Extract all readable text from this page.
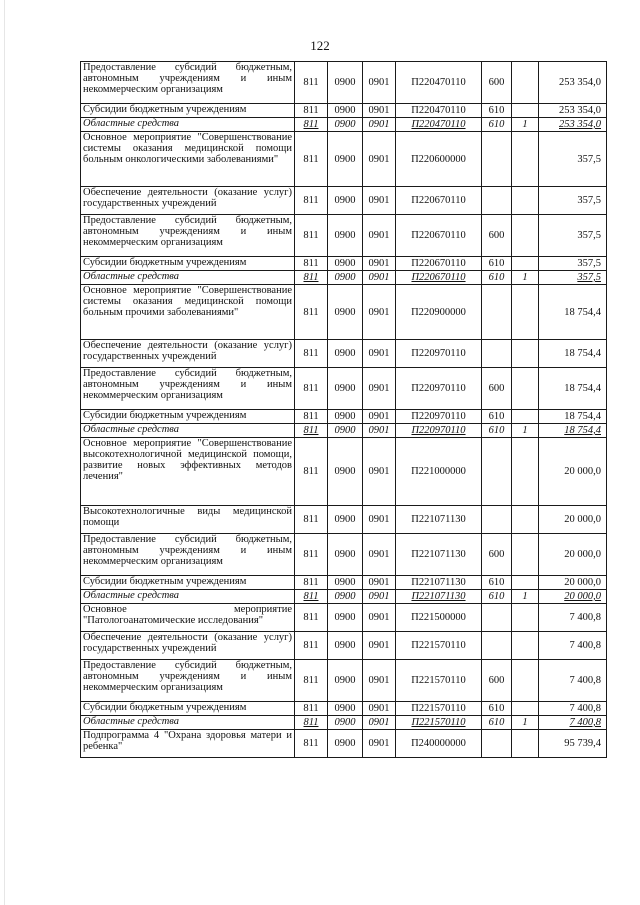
122
Предоставление субсидий бюджетным, автономным учреждениям и иным некоммерческим организациям	811	0900	0901	П220470110	600		253 354,0
Субсидии бюджетным учреждениям	811	0900	0901	П220470110	610		253 354,0
Областные средства	811	0900	0901	П220470110	610	1	253 354,0
Основное мероприятие "Совершенствование системы оказания медицинской помощи больным онкологическими заболеваниями"	811	0900	0901	П220600000			357,5
Обеспечение деятельности (оказание услуг) государственных учреждений	811	0900	0901	П220670110			357,5
Предоставление субсидий бюджетным, автономным учреждениям и иным некоммерческим организациям	811	0900	0901	П220670110	600		357,5
Субсидии бюджетным учреждениям	811	0900	0901	П220670110	610		357,5
Областные средства	811	0900	0901	П220670110	610	1	357,5
Основное мероприятие "Совершенствование системы оказания медицинской помощи больным прочими заболеваниями"	811	0900	0901	П220900000			18 754,4
Обеспечение деятельности (оказание услуг) государственных учреждений	811	0900	0901	П220970110			18 754,4
Предоставление субсидий бюджетным, автономным учреждениям и иным некоммерческим организациям	811	0900	0901	П220970110	600		18 754,4
Субсидии бюджетным учреждениям	811	0900	0901	П220970110	610		18 754,4
Областные средства	811	0900	0901	П220970110	610	1	18 754,4
Основное мероприятие "Совершенствование высокотехнологичной медицинской помощи, развитие новых эффективных методов лечения"	811	0900	0901	П221000000			20 000,0
Высокотехнологичные виды медицинской помощи	811	0900	0901	П221071130			20 000,0
Предоставление субсидий бюджетным, автономным учреждениям и иным некоммерческим организациям	811	0900	0901	П221071130	600		20 000,0
Субсидии бюджетным учреждениям	811	0900	0901	П221071130	610		20 000,0
Областные средства	811	0900	0901	П221071130	610	1	20 000,0
Основное мероприятие "Патологоанатомические исследования"	811	0900	0901	П221500000			7 400,8
Обеспечение деятельности (оказание услуг) государственных учреждений	811	0900	0901	П221570110			7 400,8
Предоставление субсидий бюджетным, автономным учреждениям и иным некоммерческим организациям	811	0900	0901	П221570110	600		7 400,8
Субсидии бюджетным учреждениям	811	0900	0901	П221570110	610		7 400,8
Областные средства	811	0900	0901	П221570110	610	1	7 400,8
Подпрограмма 4 "Охрана здоровья матери и ребенка"	811	0900	0901	П240000000			95 739,4
